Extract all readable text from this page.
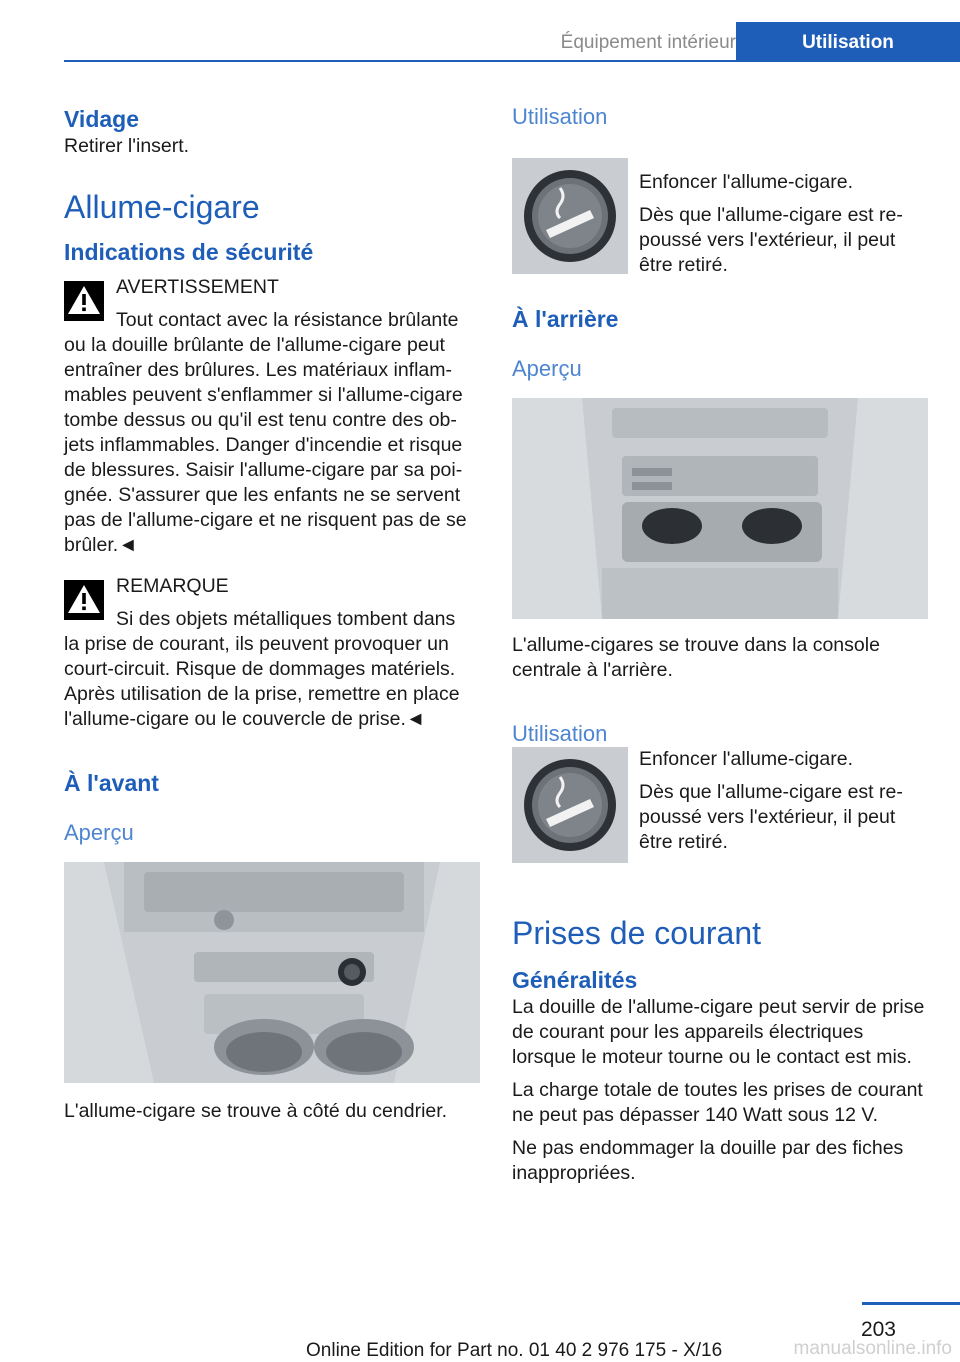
Équipement intérieur	Utilisation
Vidage

Retirer l'insert.

Allume-cigare
Indications de sécurité

AVERTISSEMENT

Tout contact avec la résistance brûlante

ou la douille brûlante de l'allume-cigare peut entraîner des brûlures. Les matériaux inflammables peuvent s'enflammer si l'allume-cigare tombe dessus ou qu'il est tenu contre des objets inflammables. Danger d'incendie et risque de blessures. Saisir l'allume-cigare par sa poignée. S'assurer que les enfants ne se servent pas de l'allume-cigare et ne risquent pas de se brûler.◄

REMARQUE

Si des objets métalliques tombent dans

la prise de courant, ils peuvent provoquer un court-circuit. Risque de dommages matériels. Après utilisation de la prise, remettre en place l'allume-cigare ou le couvercle de prise.◄

À l'avant
Aperçu

L'allume-cigare se trouve à côté du cendrier.

Utilisation

Enfoncer l'allume-cigare.

Dès que l'allume-cigare est repoussé vers l'extérieur, il peut être retiré.

À l'arrière
Aperçu

L'allume-cigares se trouve dans la console centrale à l'arrière.

Utilisation

Enfoncer l'allume-cigare.

Dès que l'allume-cigare est repoussé vers l'extérieur, il peut être retiré.

Prises de courant
Généralités

La douille de l'allume-cigare peut servir de prise de courant pour les appareils électriques lorsque le moteur tourne ou le contact est mis.

La charge totale de toutes les prises de courant ne peut pas dépasser 140 Watt sous 12 V.

Ne pas endommager la douille par des fiches inappropriées.

203
Online Edition for Part no. 01 40 2 976 175 - X/16	manualsonline.info
